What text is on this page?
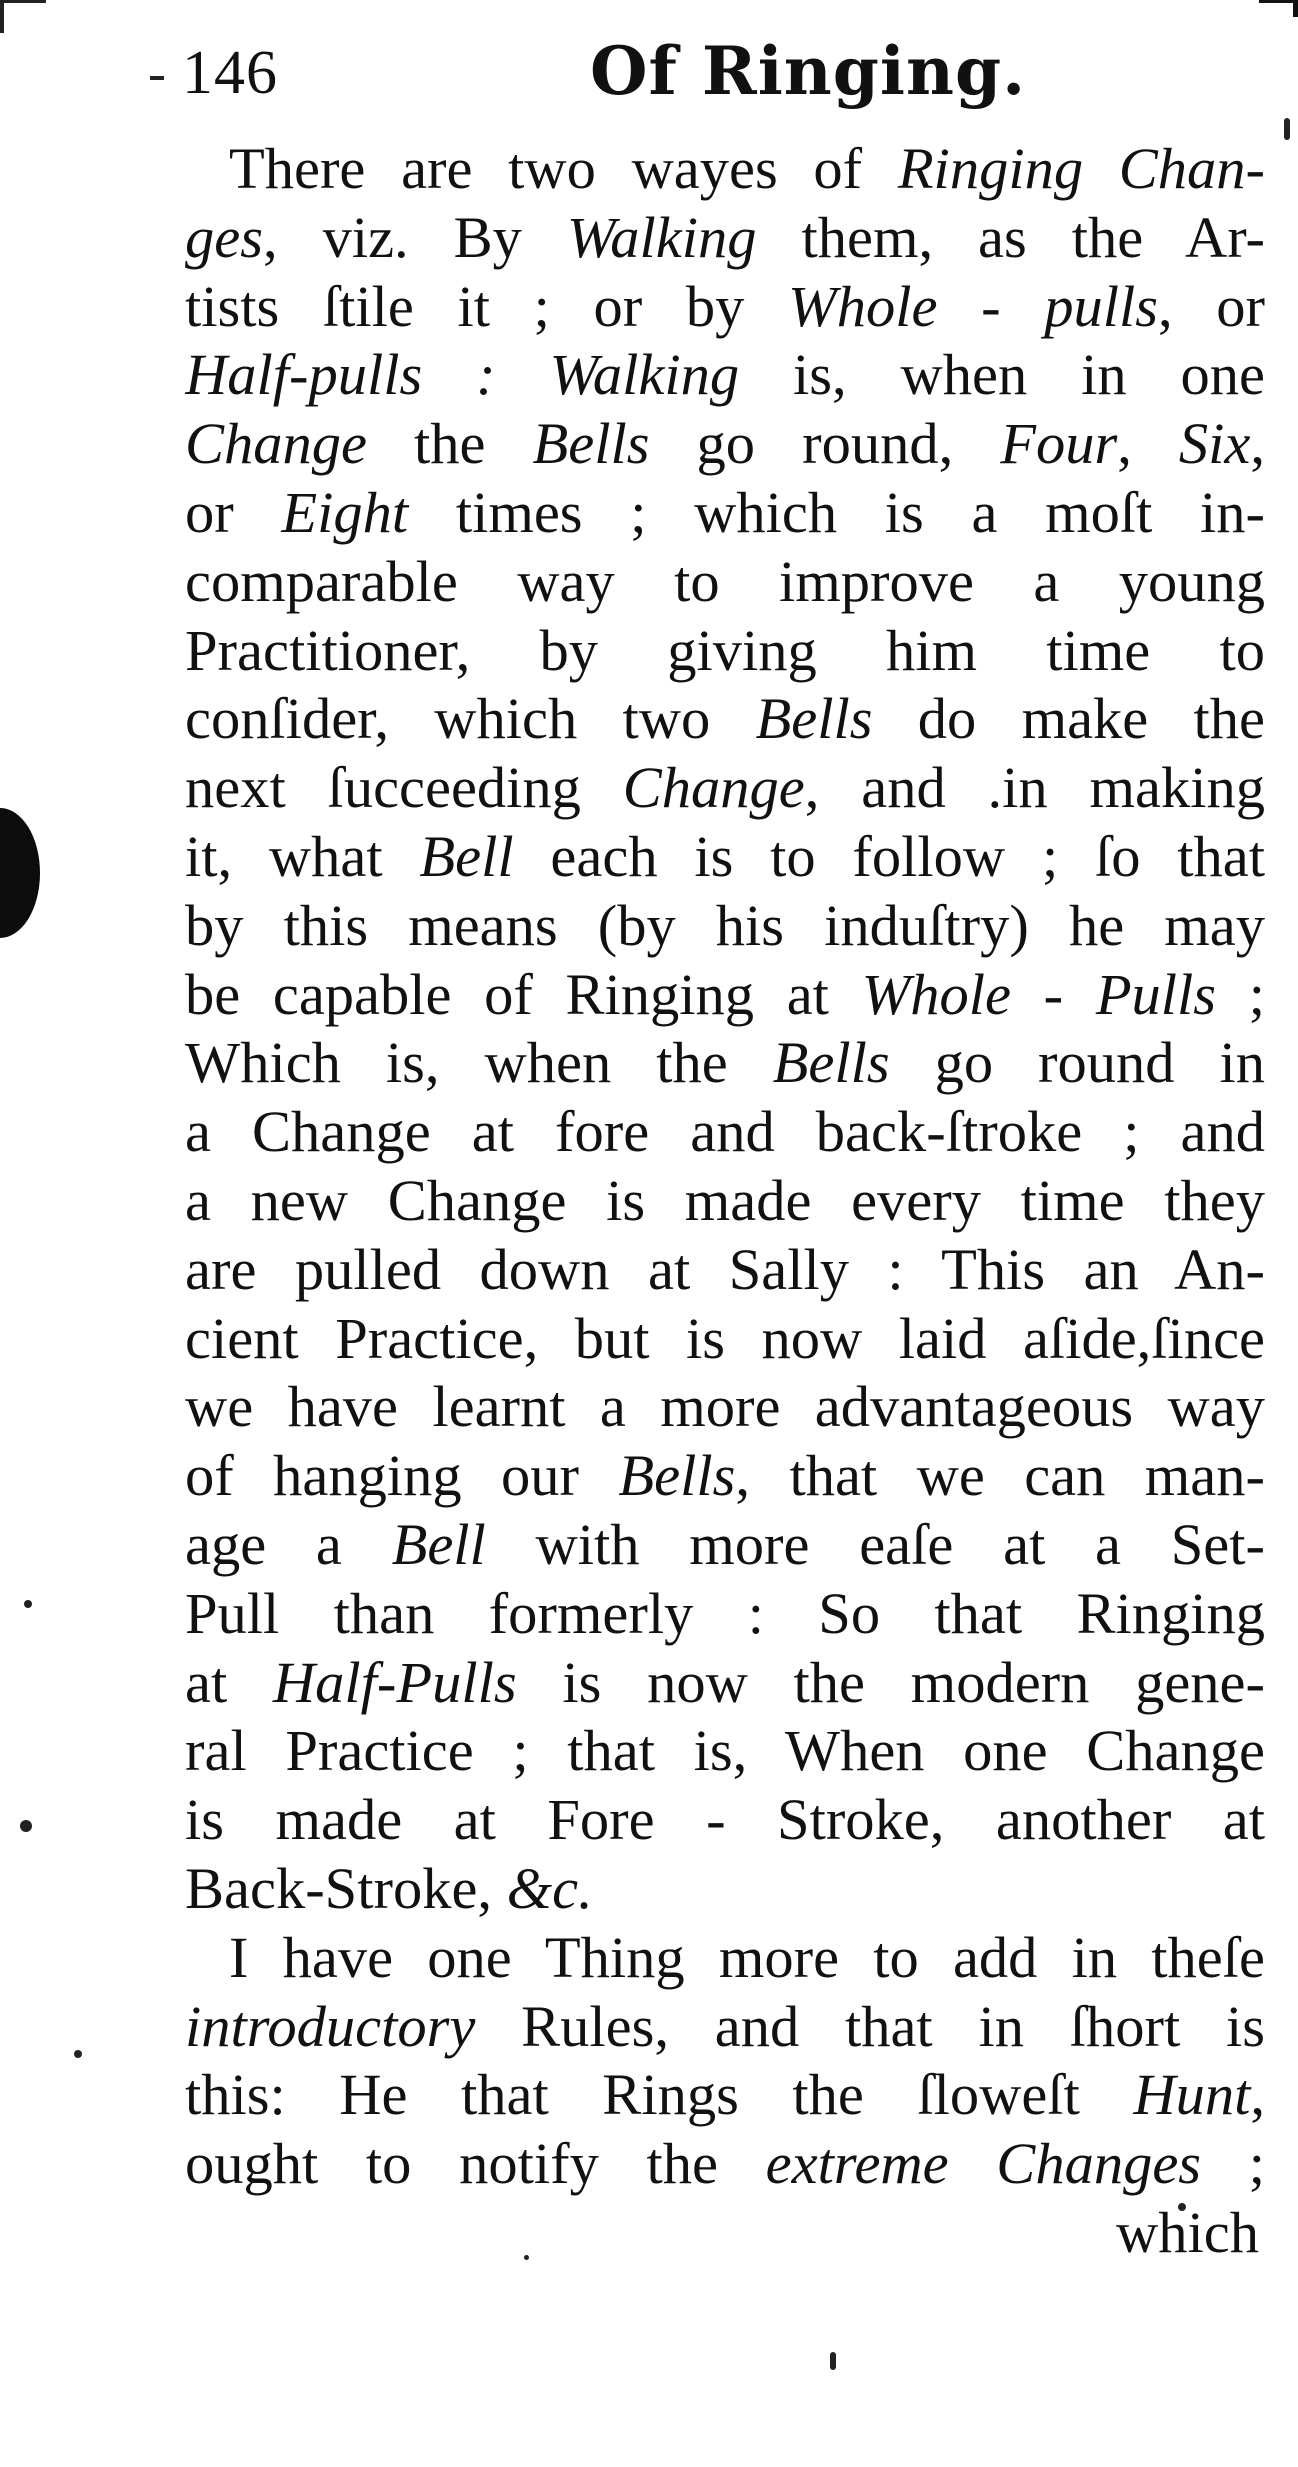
146	Of Ringing.
There are two wayes of Ringing Chan-
ges, viz. By Walking them, as the Ar-
tists ſtile it ; or by Whole - pulls, or
Half-pulls : Walking is, when in one
Change the Bells go round, Four, Six,
or Eight times ; which is a moſt in-
comparable way to improve a young
Practitioner, by giving him time to
conſider, which two Bells do make the
next ſucceeding Change, and .in making
it, what Bell each is to follow ; ſo that
by this means (by his induſtry) he may
be capable of Ringing at Whole - Pulls ;
Which is, when the Bells go round in
a Change at fore and back-ſtroke ; and
a new Change is made every time they
are pulled down at Sally : This an An-
cient Practice, but is now laid aſide,ſince
we have learnt a more advantageous way
of hanging our Bells, that we can man-
age a Bell with more eaſe at a Set-
Pull than formerly : So that Ringing
at Half-Pulls is now the modern gene-
ral Practice ; that is, When one Change
is made at Fore - Stroke, another at
Back-Stroke, &c.
I have one Thing more to add in theſe
introductory Rules, and that in ſhort is
this: He that Rings the ſloweſt Hunt,
ought to notify the extreme Changes ;
which
